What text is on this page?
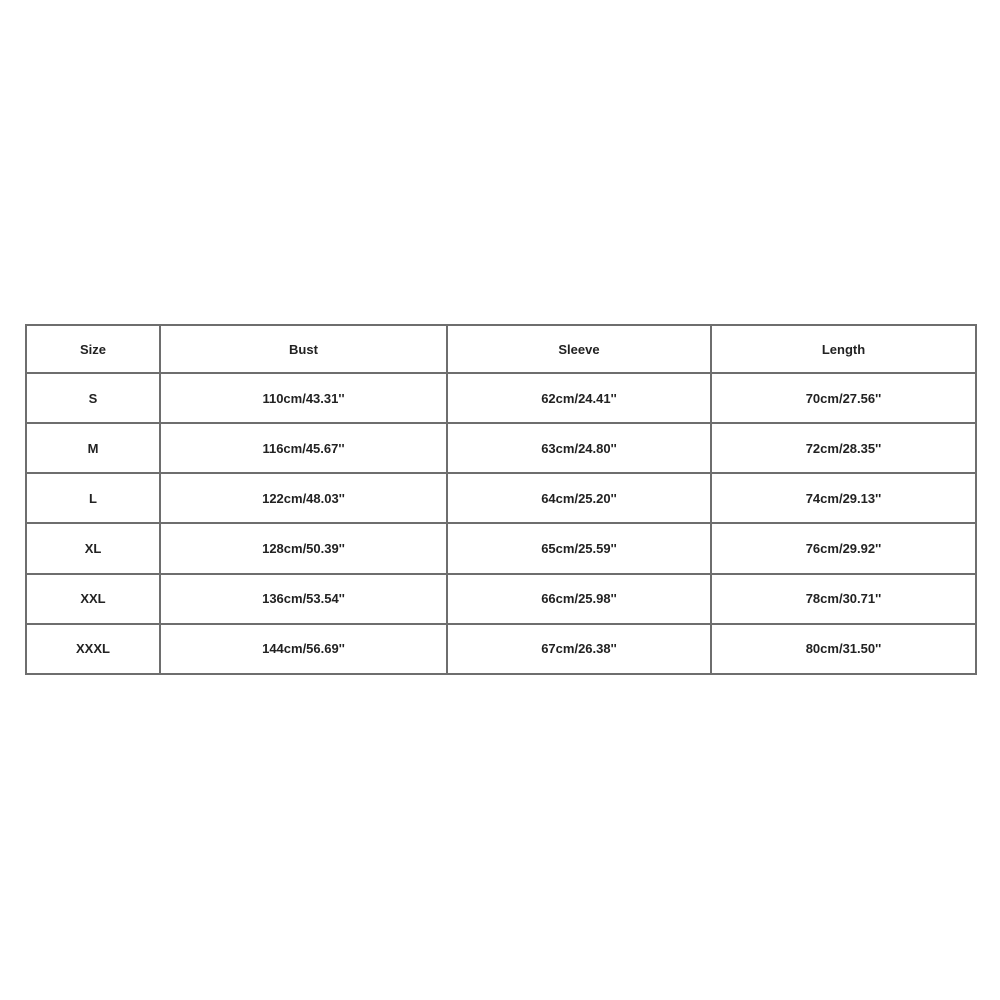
Size	Bust	Sleeve	Length
S	110cm/43.31''	62cm/24.41''	70cm/27.56''
M	116cm/45.67''	63cm/24.80''	72cm/28.35''
L	122cm/48.03''	64cm/25.20''	74cm/29.13''
XL	128cm/50.39''	65cm/25.59''	76cm/29.92''
XXL	136cm/53.54''	66cm/25.98''	78cm/30.71''
XXXL	144cm/56.69''	67cm/26.38''	80cm/31.50''
